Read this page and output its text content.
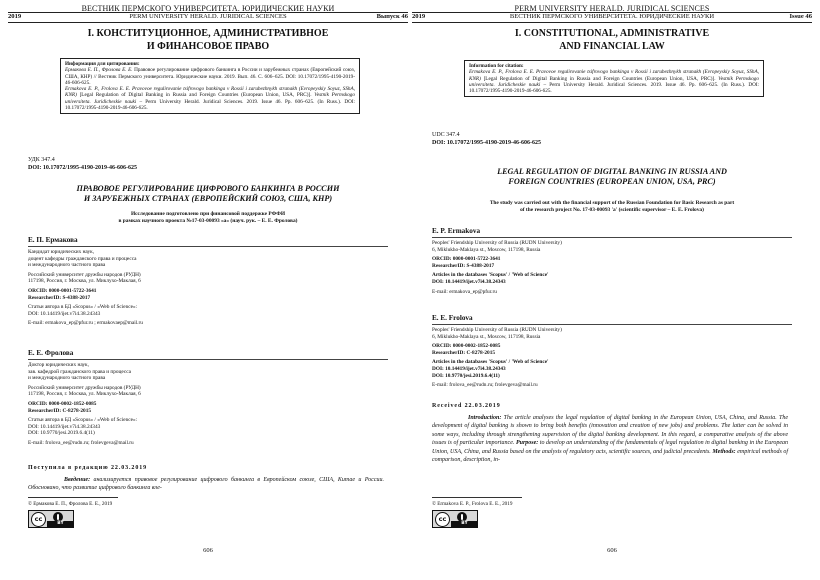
ВЕСТНИК ПЕРМСКОГО УНИВЕРСИТЕТА. ЮРИДИЧЕСКИЕ НАУКИ
2019	PERM UNIVERSITY HERALD. JURIDICAL SCIENCES	Выпуск 46
I. КОНСТИТУЦИОННОЕ, АДМИНИСТРАТИВНОЕ
И ФИНАНСОВОЕ ПРАВО
Информация для цитирования:

Ермакова Е. П., Фролова Е. Е. Правовое регулирование цифрового банкинга в России и зарубежных странах (Европейский союз, США, КНР) // Вестник Пермского университета. Юридические науки. 2019. Вып. 46. C. 606–625. DOI: 10.17072/1995-4190-2019-46-606-625.

Ermakova E. P., Frolova E. E. Pravovoe regulirovanie tsifrovogo bankinga v Rossii i zarubezhnykh stranakh (Evropeyskiy Soyuz, SShA, KNR) [Legal Regulation of Digital Banking in Russia and Foreign Countries (European Union, USA, PRC)]. Vestnik Permskogo universiteta. Juridicheskie nauki – Perm University Herald. Juridical Sciences. 2019. Issue 46. Pp. 606–625. (In Russ.). DOI: 10.17072/1995-4190-2019-46-606-625.

УДК 347.4
DOI: 10.17072/1995-4190-2019-46-606-625
ПРАВОВОЕ РЕГУЛИРОВАНИЕ ЦИФРОВОГО БАНКИНГА В РОССИИ
И ЗАРУБЕЖНЫХ СТРАНАХ (ЕВРОПЕЙСКИЙ СОЮЗ, США, КНР)
Исследование подготовлено при финансовой поддержке РФФИ
в рамках научного проекта №17-03-00093 «а» (науч. рук. – Е. Е. Фролова)
Е. П. Ермакова
Кандидат юридических наук,
доцент кафедры гражданского права и процесса
и международного частного права
Российский университет дружбы народов (РУДН)
117198, Россия, г. Москва, ул. Миклухо-Маклая, 6
ORCID: 0000-0001-5722-3641
ResearcherID: S-4388-2017
Статьи автора в БД «Scopus» / «Web of Science»:
DOI: 10.14419/ijet.v7i4.38.24343
E-mail: ermakova_ep@pfur.ru ; ermakovaep@mail.ru
Е. Е. Фролова
Доктор юридических наук,
зав. кафедрой гражданского права и процесса
и международного частного права
Российский университет дружбы народов (РУДН)
117198, Россия, г. Москва, ул. Миклухо-Маклая, 6
ORCID: 0000-0002-1852-0085
ResearcherID: C-8278-2015
Статьи автора в БД «Scopus» / «Web of Science»:
DOI: 10.14419/ijet.v7i4.38.24343
DOI: 10.9770/jesi.2019.6.4(11)
E-mail: frolova_ee@rudn.ru; frolevgeva@mail.ru
Поступила в редакцию 22.03.2019
Введение: анализируется правовое регулирование цифрового банкинга в Европейском союзе, США, Китае и России. Обосновано, что развитие цифрового банкинга вле-
© Ермакова Е. П., Фролова Е. Е., 2019
cc
BY
606
PERM UNIVERSITY HERALD. JURIDICAL SCIENCES
2019	ВЕСТНИК ПЕРМСКОГО УНИВЕРСИТЕТА. ЮРИДИЧЕСКИЕ НАУКИ	Issue 46
I. CONSTITUTIONAL, ADMINISTRATIVE
AND FINANCIAL LAW
Information for citation:

Ermakova E. P., Frolova E. E. Pravovoe regulirovanie tsifrovogo bankinga v Rossii i zarubezhnykh stranakh (Evropeyskiy Soyuz, SShA, KNR) [Legal Regulation of Digital Banking in Russia and Foreign Countries (European Union, USA, PRC)]. Vestnik Permskogo universiteta. Juridicheskie nauki – Perm University Herald. Juridical Sciences. 2019. Issue 46. Pp. 606–625. (In Russ.). DOI: 10.17072/1995-4190-2019-46-606-625.

UDC 347.4
DOI: 10.17072/1995-4190-2019-46-606-625
LEGAL REGULATION OF DIGITAL BANKING IN RUSSIA AND
FOREIGN COUNTRIES (EUROPEAN UNION, USA, PRC)
The study was carried out with the financial support of the Russian Foundation for Basic Research as part
of the research project No. 17-03-00093 'a' (scientific supervisor – E. E. Frolova)
E. P. Ermakova
Peoples' Friendship University of Russia (RUDN University)
6, Miklukho-Maklaya st., Moscow, 117198, Russia
ORCID: 0000-0001-5722-3641
ResearcherID: S-4388-2017
Articles in the databases 'Scopus' / 'Web of Science'
DOI: 10.14419/ijet.v7i4.38.24343
E-mail: ermakova_ep@pfur.ru
E. E. Frolova
Peoples' Friendship University of Russia (RUDN University)
6, Miklukho-Maklaya st., Moscow, 117198, Russia
ORCID: 0000-0002-1852-0085
ResearcherID: C-8278-2015
Articles in the databases 'Scopus' / 'Web of Science'
DOI: 10.14419/ijet.v7i4.38.24343
DOI: 10.9770/jesi.2019.6.4(11)
E-mail: frolova_ee@rudn.ru; frolevgeva@mail.ru
Received 22.03.2019
Introduction: The article analyses the legal regulation of digital banking in the European Union, USA, China, and Russia. The development of digital banking is shown to bring both benefits (innovation and creation of new jobs) and problems. The latter can be solved in some ways, including through strengthening supervision of the digital banking development. In this regard, a comparative analysis of the above issues is of particular importance. Purpose: to develop an understanding of the fundamentals of legal regulation in digital banking in the European Union, USA, China, and Russia based on the analysis of regulatory acts, scientific sources, and judicial precedents. Methods: empirical methods of comparison, description, in-
© Ermakova E. P., Frolova E. E., 2019
cc
BY
606
